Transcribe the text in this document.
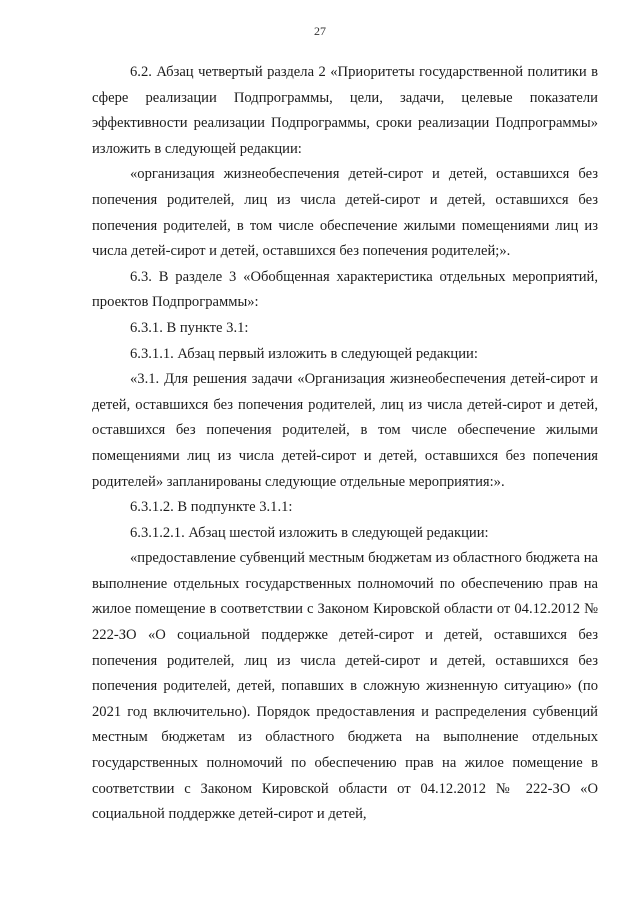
27

6.2. Абзац четвертый раздела 2 «Приоритеты государственной политики в сфере реализации Подпрограммы, цели, задачи, целевые показатели эффективности реализации Подпрограммы, сроки реализации Подпрограммы» изложить в следующей редакции:

«организация жизнеобеспечения детей-сирот и детей, оставшихся без попечения родителей, лиц из числа детей-сирот и детей, оставшихся без попечения родителей, в том числе обеспечение жилыми помещениями лиц из числа детей-сирот и детей, оставшихся без попечения родителей;».

6.3. В разделе 3 «Обобщенная характеристика отдельных мероприятий, проектов Подпрограммы»:

6.3.1. В пункте 3.1:

6.3.1.1. Абзац первый изложить в следующей редакции:

«3.1. Для решения задачи «Организация жизнеобеспечения детей-сирот и детей, оставшихся без попечения родителей, лиц из числа детей-сирот и детей, оставшихся без попечения родителей, в том числе обеспечение жилыми помещениями лиц из числа детей-сирот и детей, оставшихся без попечения родителей» запланированы следующие отдельные мероприятия:».

6.3.1.2. В подпункте 3.1.1:

6.3.1.2.1. Абзац шестой изложить в следующей редакции:

«предоставление субвенций местным бюджетам из областного бюджета на выполнение отдельных государственных полномочий по обеспечению прав на жилое помещение в соответствии с Законом Кировской области от 04.12.2012 № 222-ЗО «О социальной поддержке детей-сирот и детей, оставшихся без попечения родителей, лиц из числа детей-сирот и детей, оставшихся без попечения родителей, детей, попавших в сложную жизненную ситуацию» (по 2021 год включительно). Порядок предоставления и распределения субвенций местным бюджетам из областного бюджета на выполнение отдельных государственных полномочий по обеспечению прав на жилое помещение в соответствии с Законом Кировской области от 04.12.2012 № 222-ЗО «О социальной поддержке детей-сирот и детей,
